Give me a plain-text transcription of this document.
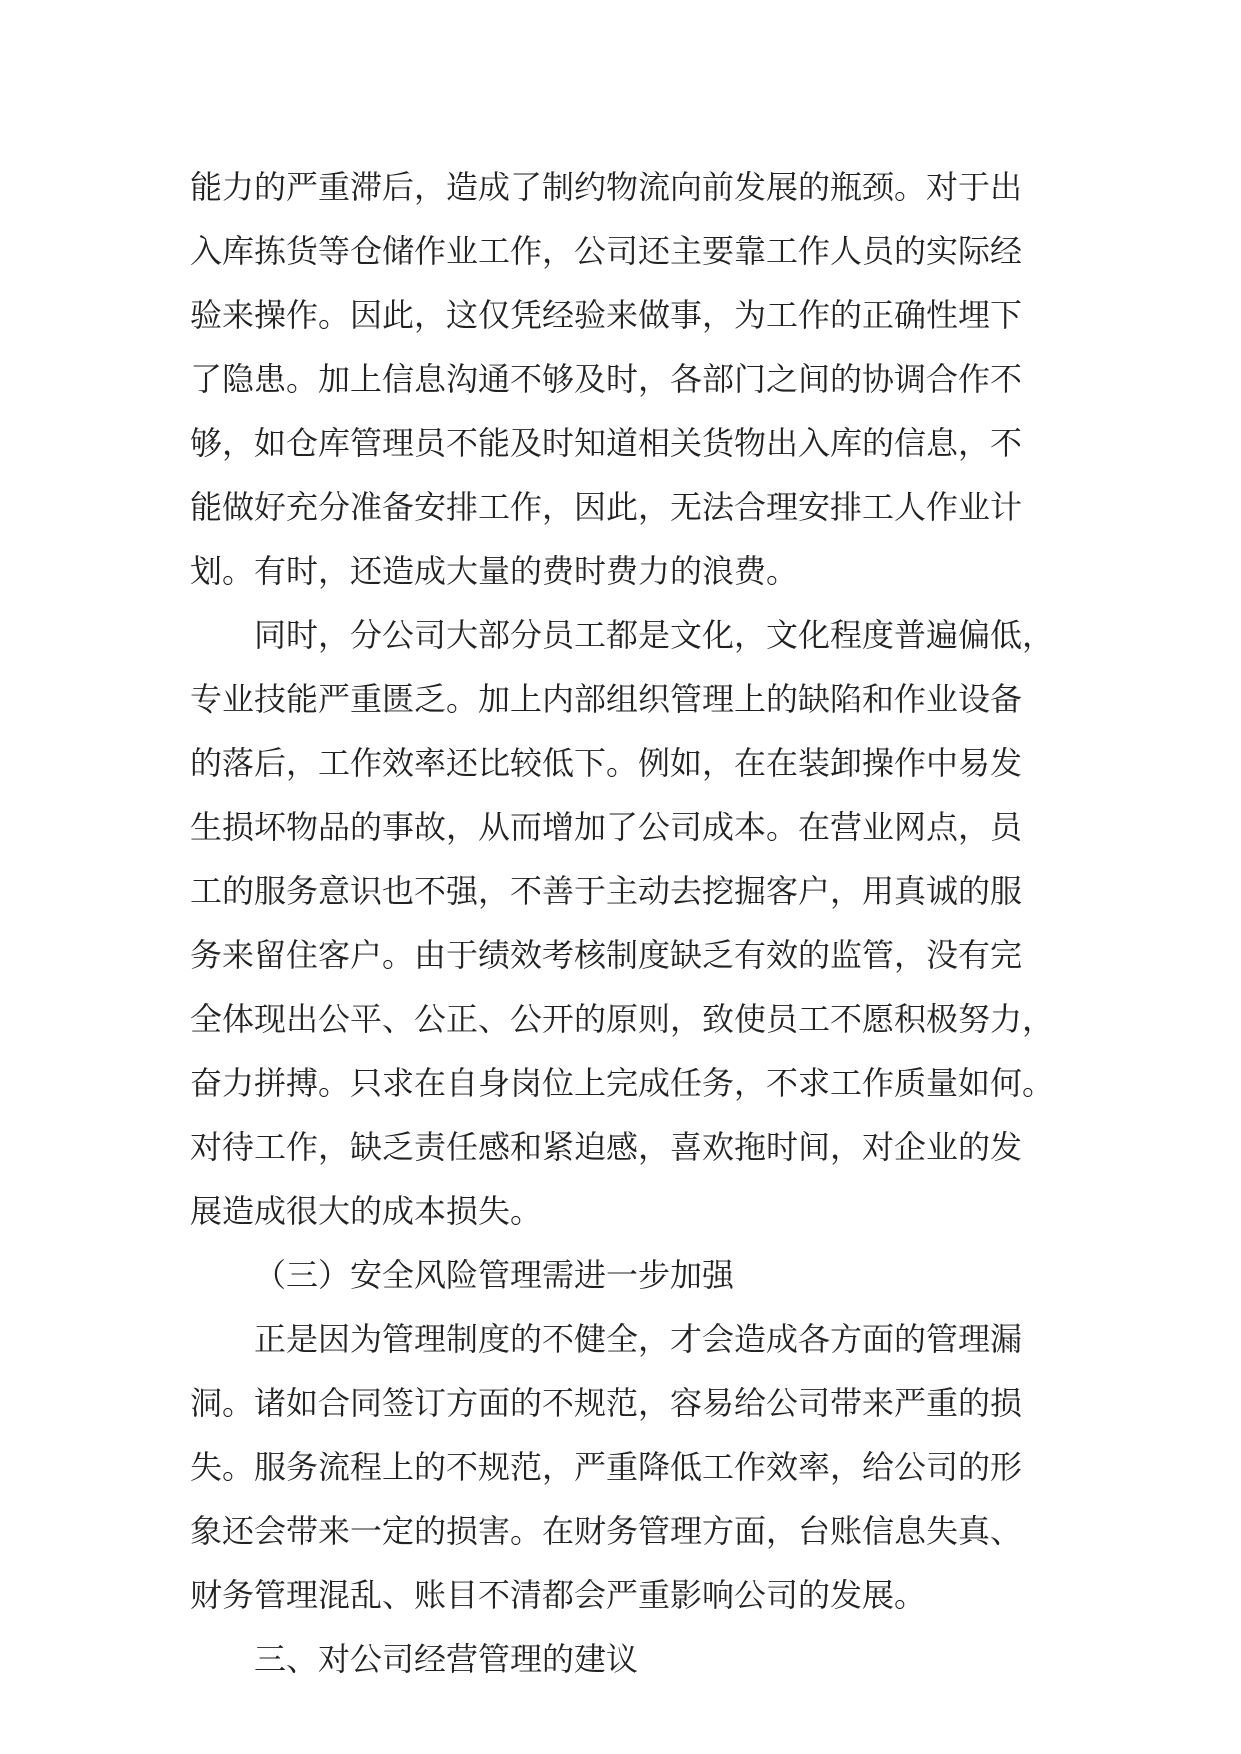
能力的严重滞后，造成了制约物流向前发展的瓶颈。对于出
入库拣货等仓储作业工作，公司还主要靠工作人员的实际经
验来操作。因此，这仅凭经验来做事，为工作的正确性埋下
了隐患。加上信息沟通不够及时，各部门之间的协调合作不
够，如仓库管理员不能及时知道相关货物出入库的信息，不
能做好充分准备安排工作，因此，无法合理安排工人作业计
划。有时，还造成大量的费时费力的浪费。
同时，分公司大部分员工都是文化，文化程度普遍偏低，
专业技能严重匮乏。加上内部组织管理上的缺陷和作业设备
的落后，工作效率还比较低下。例如，在在装卸操作中易发
生损坏物品的事故，从而增加了公司成本。在营业网点，员
工的服务意识也不强，不善于主动去挖掘客户，用真诚的服
务来留住客户。由于绩效考核制度缺乏有效的监管，没有完
全体现出公平、公正、公开的原则，致使员工不愿积极努力，
奋力拼搏。只求在自身岗位上完成任务，不求工作质量如何。
对待工作，缺乏责任感和紧迫感，喜欢拖时间，对企业的发
展造成很大的成本损失。
（三）安全风险管理需进一步加强
正是因为管理制度的不健全，才会造成各方面的管理漏
洞。诸如合同签订方面的不规范，容易给公司带来严重的损
失。服务流程上的不规范，严重降低工作效率，给公司的形
象还会带来一定的损害。在财务管理方面，台账信息失真、
财务管理混乱、账目不清都会严重影响公司的发展。
三、对公司经营管理的建议
